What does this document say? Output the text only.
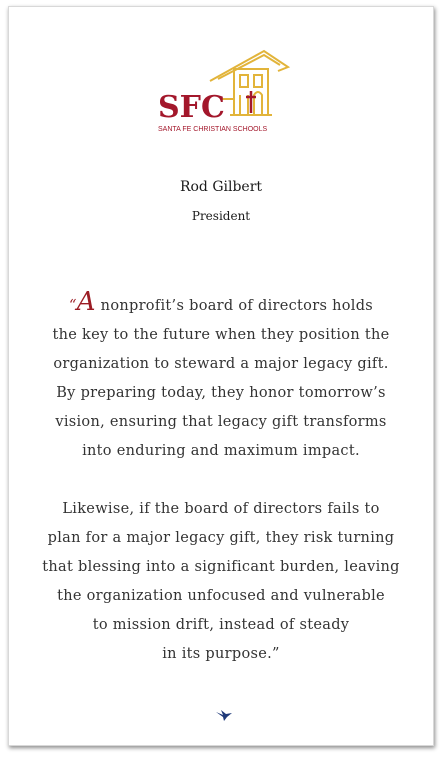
SFC
SANTA FE CHRISTIAN SCHOOLS
Rod Gilbert
President

“A nonprofit’s board of directors holds
the key to the future when they position the
organization to steward a major legacy gift.
By preparing today, they honor tomorrow’s
vision, ensuring that legacy gift transforms
into enduring and maximum impact.

Likewise, if the board of directors fails to
plan for a major legacy gift, they risk turning
that blessing into a significant burden, leaving
the organization unfocused and vulnerable
to mission drift, instead of steady
in its purpose.”
